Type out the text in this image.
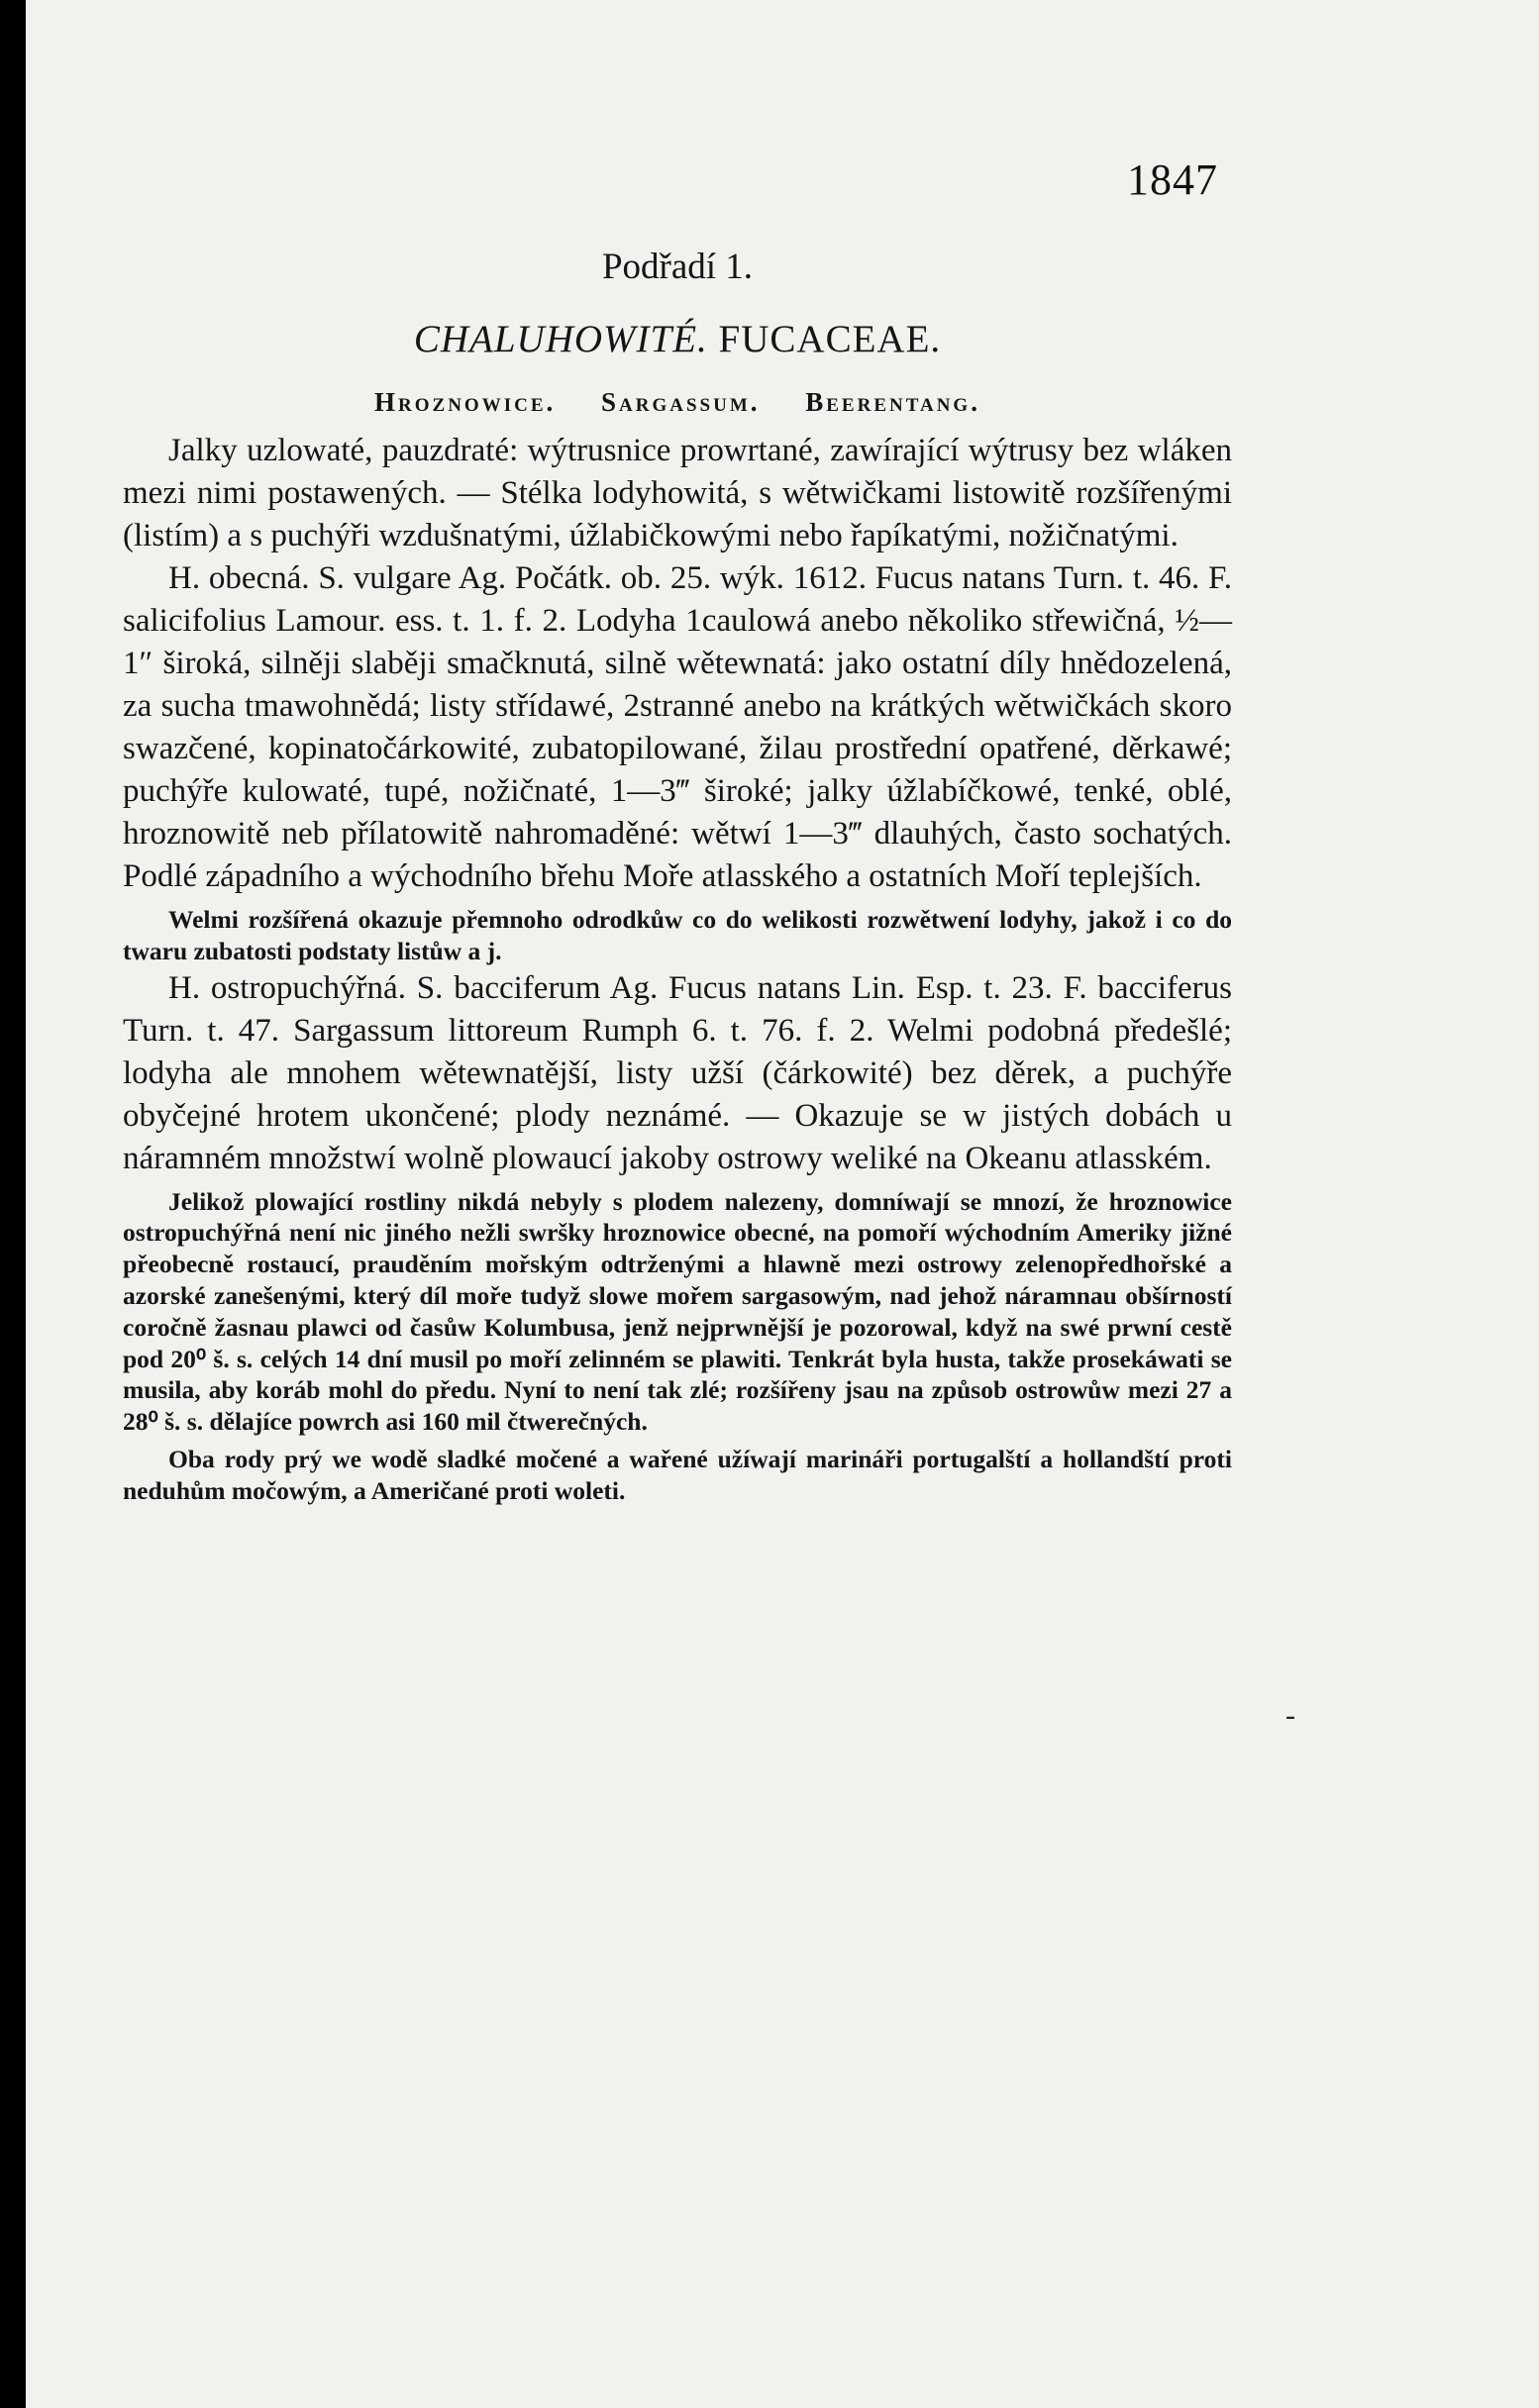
1847
Podřadí 1.
CHALUHOWITÉ. FUCACEAE.
Hroznowice. Sargassum. Beerentang.

Jalky uzlowaté, pauzdraté: wýtrusnice prowrtané, zawírající wýtrusy bez wláken mezi nimi postawených. — Stélka lodyhowitá, s wětwičkami listowitě rozšířenými (listím) a s puchýři wzdušnatými, úžlabičkowými nebo řapíkatými, nožičnatými.

H. obecná. S. vulgare Ag. Počátk. ob. 25. wýk. 1612. Fucus natans Turn. t. 46. F. salicifolius Lamour. ess. t. 1. f. 2. Lodyha 1caulowá anebo několiko střewičná, ½—1″ široká, silněji slaběji smačknutá, silně wětewnatá: jako ostatní díly hnědozelená, za sucha tmawohnědá; listy střídawé, 2stranné anebo na krátkých wětwičkách skoro swazčené, kopinatočárkowité, zubatopilowané, žilau prostřední opatřené, děrkawé; puchýře kulowaté, tupé, nožičnaté, 1—3‴ široké; jalky úžlabíčkowé, tenké, oblé, hroznowitě neb přílatowitě nahromaděné: wětwí 1—3‴ dlauhých, často sochatých. Podlé západního a wýchodního břehu Moře atlasského a ostatních Moří teplejších.

Welmi rozšířená okazuje přemnoho odrodkůw co do welikosti rozwětwení lodyhy, jakož i co do twaru zubatosti podstaty listůw a j.

H. ostropuchýřná. S. bacciferum Ag. Fucus natans Lin. Esp. t. 23. F. bacciferus Turn. t. 47. Sargassum littoreum Rumph 6. t. 76. f. 2. Welmi podobná předešlé; lodyha ale mnohem wětewnatější, listy užší (čárkowité) bez děrek, a puchýře obyčejné hrotem ukončené; plody neznámé. — Okazuje se w jistých dobách u náramném množstwí wolně plowaucí jakoby ostrowy weliké na Okeanu atlasském.

Jelikož plowající rostliny nikdá nebyly s plodem nalezeny, domníwají se mnozí, že hroznowice ostropuchýřná není nic jiného nežli swršky hroznowice obecné, na pomoří wýchodním Ameriky jižné přeobecně rostaucí, prauděním mořským odtrženými a hlawně mezi ostrowy zelenopředhořské a azorské zanešenými, který díl moře tudyž slowe mořem sargasowým, nad jehož náramnau obšírností coročně žasnau plawci od časůw Kolumbusa, jenž nejprwnější je pozorowal, když na swé prwní cestě pod 20⁰ š. s. celých 14 dní musil po moří zelinném se plawiti. Tenkrát byla husta, takže prosekáwati se musila, aby koráb mohl do předu. Nyní to není tak zlé; rozšířeny jsau na způsob ostrowůw mezi 27 a 28⁰ š. s. dělajíce powrch asi 160 mil čtwerečných.

Oba rody prý we wodě sladké močené a wařené užíwají marináři portugalští a hollandští proti neduhům močowým, a Američané proti woleti.

-
